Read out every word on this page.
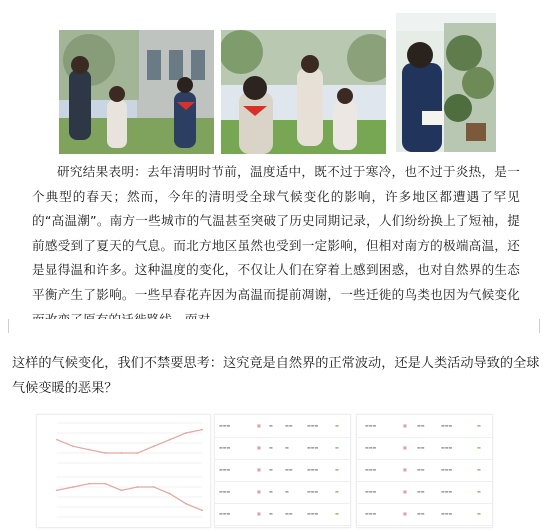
研究结果表明：去年清明时节前，温度适中，既不过于寒冷，也不过于炎热，是一个典型的春天；然而，今年的清明受全球气候变化的影响，许多地区都遭遇了罕见的“高温潮”。南方一些城市的气温甚至突破了历史同期记录，人们纷纷换上了短袖，提前感受到了夏天的气息。而北方地区虽然也受到一定影响，但相对南方的极端高温，还是显得温和许多。这种温度的变化，不仅让人们在穿着上感到困惑，也对自然界的生态平衡产生了影响。一些早春花卉因为高温而提前凋谢，一些迁徙的鸟类也因为气候变化

这样的气候变化，我们不禁要思考：这究竟是自然界的正常波动，还是人类活动导致的全球气候变暖的恶果？

▬▬▬	■ ▬	▬▬	▬▬▬	▬
▬▬▬	■ ▬	▬	▬▬▬	▬
▬▬▬	■ ▬	▬▬	▬▬▬	▬
▬▬▬	■ ▬	▬	▬▬▬	▬
▬▬▬	■ ▬	▬▬	▬▬▬	▬
▬▬▬	■	▬▬	▬▬▬	▬
▬▬▬	■	▬▬	▬▬▬	▬
▬▬▬	■	▬▬	▬▬▬	▬
▬▬▬	■	▬▬	▬▬▬	▬
▬▬▬	■	▬▬	▬▬▬	▬
